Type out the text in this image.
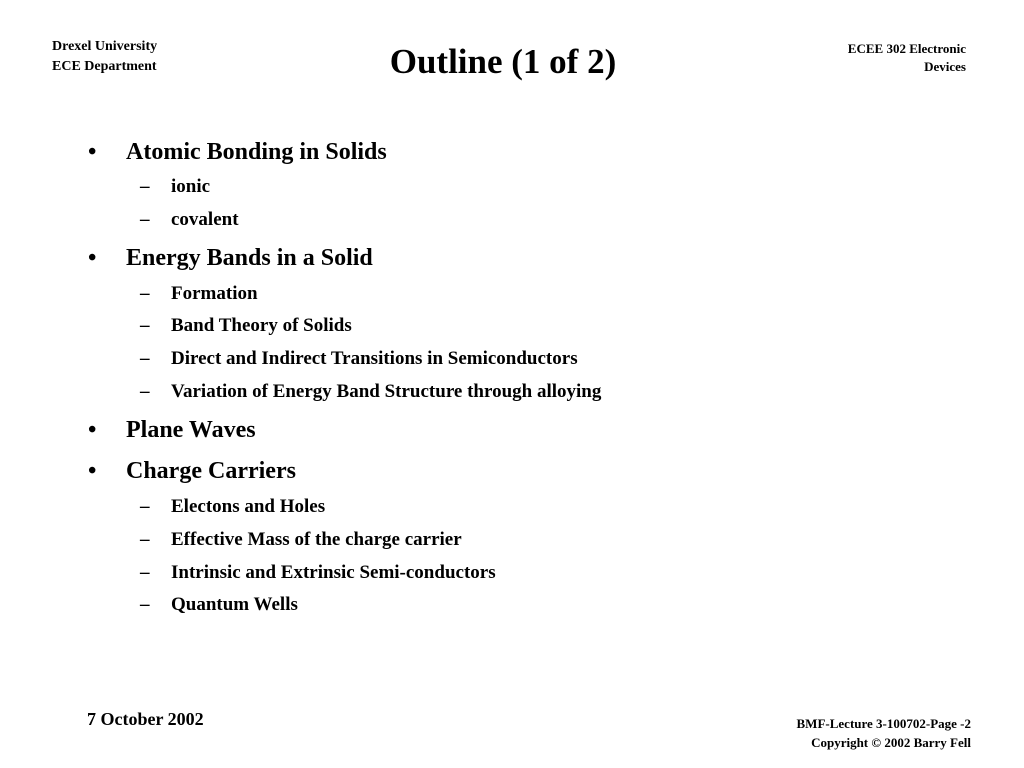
Drexel University
ECE Department	Outline (1 of 2)	ECEE 302 Electronic
Devices
•	Atomic Bonding in Solids
– ionic
– covalent
•	Energy Bands in a Solid
– Formation
– Band Theory of Solids
– Direct and Indirect Transitions in Semiconductors
– Variation of Energy Band Structure through alloying
•	Plane Waves
•	Charge Carriers
– Electons and Holes
– Effective Mass of the charge carrier
– Intrinsic and Extrinsic Semi-conductors
– Quantum Wells
7 October 2002	BMF-Lecture 3-100702-Page -2
Copyright © 2002 Barry Fell
